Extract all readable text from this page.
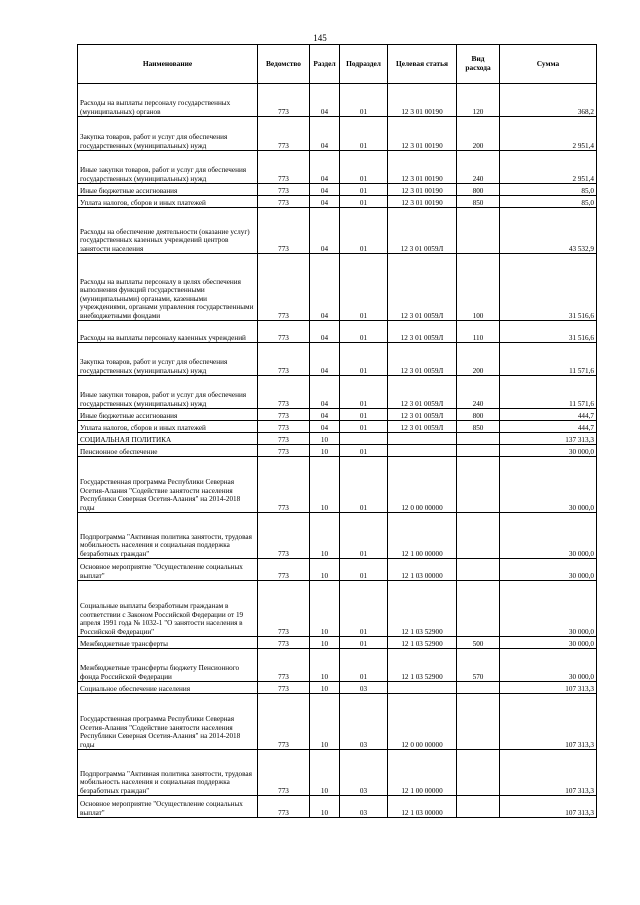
145
Наименование	Ведомство	Раздел	Подраздел	Целевая статья	Вид расхода	Сумма
Расходы на выплаты персоналу государственных (муниципальных) органов	773	04	01	12 3 01 00190	120	368,2
Закупка товаров, работ и услуг для обеспечения государственных (муниципальных) нужд	773	04	01	12 3 01 00190	200	2 951,4
Иные закупки товаров, работ и услуг для обеспечения государственных (муниципальных) нужд	773	04	01	12 3 01 00190	240	2 951,4
Иные бюджетные ассигнования	773	04	01	12 3 01 00190	800	85,0
Уплата налогов, сборов и иных платежей	773	04	01	12 3 01 00190	850	85,0
Расходы на обеспечение деятельности (оказание услуг) государственных казенных учреждений центров занятости населения	773	04	01	12 3 01 0059Л		43 532,9
Расходы на выплаты персоналу в целях обеспечения выполнения функций государственными (муниципальными) органами, казенными учреждениями, органами управления государственными внебюджетными фондами	773	04	01	12 3 01 0059Л	100	31 516,6
Расходы на выплаты персоналу казенных учреждений	773	04	01	12 3 01 0059Л	110	31 516,6
Закупка товаров, работ и услуг для обеспечения государственных (муниципальных) нужд	773	04	01	12 3 01 0059Л	200	11 571,6
Иные закупки товаров, работ и услуг для обеспечения государственных (муниципальных) нужд	773	04	01	12 3 01 0059Л	240	11 571,6
Иные бюджетные ассигнования	773	04	01	12 3 01 0059Л	800	444,7
Уплата налогов, сборов и иных платежей	773	04	01	12 3 01 0059Л	850	444,7
СОЦИАЛЬНАЯ ПОЛИТИКА	773	10				137 313,3
Пенсионное обеспечение	773	10	01			30 000,0
Государственная программа Республики Северная Осетия-Алания "Содействие занятости населения Республики Северная Осетия-Алания" на 2014-2018 годы	773	10	01	12 0 00 00000		30 000,0
Подпрограмма "Активная политика занятости, трудовая мобильность населения и социальная поддержка безработных граждан"	773	10	01	12 1 00 00000		30 000,0
Основное мероприятие "Осуществление социальных выплат"	773	10	01	12 1 03 00000		30 000,0
Социальные выплаты безработным гражданам в соответствии с Законом Российской Федерации от 19 апреля 1991 года № 1032-1 "О занятости населения в Российской Федерации"	773	10	01	12 1 03 52900		30 000,0
Межбюджетные трансферты	773	10	01	12 1 03 52900	500	30 000,0
Межбюджетные трансферты бюджету Пенсионного фонда Российской Федерации	773	10	01	12 1 03 52900	570	30 000,0
Социальное обеспечение населения	773	10	03			107 313,3
Государственная программа Республики Северная Осетия-Алания "Содействие занятости населения Республики Северная Осетия-Алания" на 2014-2018 годы	773	10	03	12 0 00 00000		107 313,3
Подпрограмма "Активная политика занятости, трудовая мобильность населения и социальная поддержка безработных граждан"	773	10	03	12 1 00 00000		107 313,3
Основное мероприятие "Осуществление социальных выплат"	773	10	03	12 1 03 00000		107 313,3
